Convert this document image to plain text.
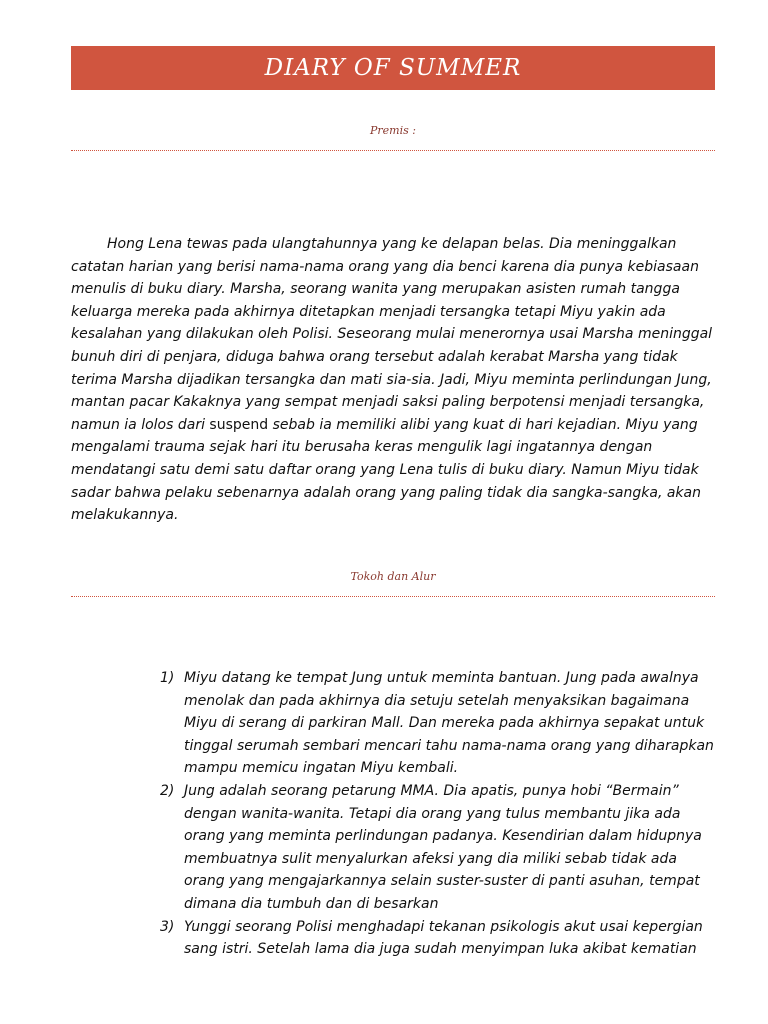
DIARY OF SUMMER
Premis :

Hong Lena tewas pada ulangtahunnya yang ke delapan belas. Dia meninggalkan catatan harian yang berisi nama-nama orang yang dia benci karena dia punya kebiasaan menulis di buku diary. Marsha, seorang wanita yang merupakan asisten rumah tangga keluarga mereka pada akhirnya ditetapkan menjadi tersangka tetapi Miyu yakin ada kesalahan yang dilakukan oleh Polisi. Seseorang mulai menerornya usai Marsha meninggal bunuh diri di penjara, diduga bahwa orang tersebut adalah kerabat Marsha yang tidak terima Marsha dijadikan tersangka dan mati sia-sia. Jadi, Miyu meminta perlindungan Jung, mantan pacar Kakaknya yang sempat menjadi saksi paling berpotensi menjadi tersangka, namun ia lolos dari suspend sebab ia memiliki alibi yang kuat di hari kejadian. Miyu yang mengalami trauma sejak hari itu berusaha keras mengulik lagi ingatannya dengan mendatangi satu demi satu daftar orang yang Lena tulis di buku diary. Namun Miyu tidak sadar bahwa pelaku sebenarnya adalah orang yang paling tidak dia sangka-sangka, akan melakukannya.

Tokoh dan Alur
1) Miyu datang ke tempat Jung untuk meminta bantuan. Jung pada awalnya menolak dan pada akhirnya dia setuju setelah menyaksikan bagaimana Miyu di serang di parkiran Mall. Dan mereka pada akhirnya sepakat untuk tinggal serumah sembari mencari tahu nama-nama orang yang diharapkan mampu memicu ingatan Miyu kembali.
2) Jung adalah seorang petarung MMA. Dia apatis, punya hobi “Bermain” dengan wanita-wanita. Tetapi dia orang yang tulus membantu jika ada orang yang meminta perlindungan padanya. Kesendirian dalam hidupnya membuatnya sulit menyalurkan afeksi yang dia miliki sebab tidak ada orang yang mengajarkannya selain suster-suster di panti asuhan, tempat dimana dia tumbuh dan di besarkan
3) Yunggi seorang Polisi menghadapi tekanan psikologis akut usai kepergian sang istri. Setelah lama dia juga sudah menyimpan luka akibat kematian
